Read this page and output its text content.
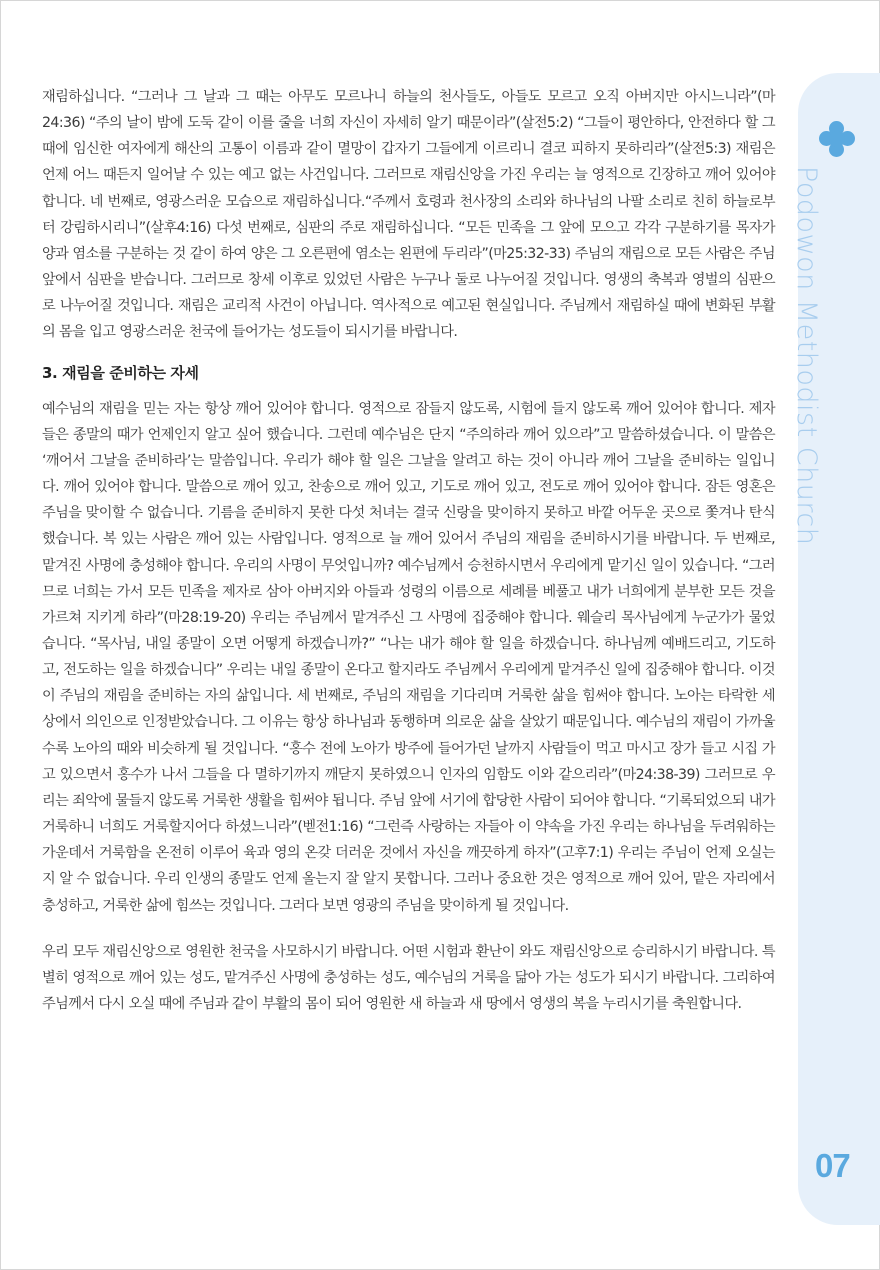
Podowon Methodist Church
07

재림하십니다. “그러나 그 날과 그 때는 아무도 모르나니 하늘의 천사들도, 아들도 모르고 오직 아버지만 아시느니라”(마24:36) “주의 날이 밤에 도둑 같이 이를 줄을 너희 자신이 자세히 알기 때문이라”(살전5:2) “그들이 평안하다, 안전하다 할 그 때에 임신한 여자에게 해산의 고통이 이름과 같이 멸망이 갑자기 그들에게 이르리니 결코 피하지 못하리라”(살전5:3) 재림은 언제 어느 때든지 일어날 수 있는 예고 없는 사건입니다. 그러므로 재림신앙을 가진 우리는 늘 영적으로 긴장하고 깨어 있어야 합니다. 네 번째로, 영광스러운 모습으로 재림하십니다.“주께서 호령과 천사장의 소리와 하나님의 나팔 소리로 친히 하늘로부터 강림하시리니”(살후4:16) 다섯 번째로, 심판의 주로 재림하십니다. “모든 민족을 그 앞에 모으고 각각 구분하기를 목자가 양과 염소를 구분하는 것 같이 하여 양은 그 오른편에 염소는 왼편에 두리라”(마25:32-33) 주님의 재림으로 모든 사람은 주님 앞에서 심판을 받습니다. 그러므로 창세 이후로 있었던 사람은 누구나 둘로 나누어질 것입니다. 영생의 축복과 영벌의 심판으로 나누어질 것입니다. 재림은 교리적 사건이 아닙니다. 역사적으로 예고된 현실입니다. 주님께서 재림하실 때에 변화된 부활의 몸을 입고 영광스러운 천국에 들어가는 성도들이 되시기를 바랍니다.

3. 재림을 준비하는 자세

예수님의 재림을 믿는 자는 항상 깨어 있어야 합니다. 영적으로 잠들지 않도록, 시험에 들지 않도록 깨어 있어야 합니다. 제자들은 종말의 때가 언제인지 알고 싶어 했습니다. 그런데 예수님은 단지 “주의하라 깨어 있으라”고 말씀하셨습니다. 이 말씀은 ‘깨어서 그날을 준비하라’는 말씀입니다. 우리가 해야 할 일은 그날을 알려고 하는 것이 아니라 깨어 그날을 준비하는 일입니다. 깨어 있어야 합니다. 말씀으로 깨어 있고, 찬송으로 깨어 있고, 기도로 깨어 있고, 전도로 깨어 있어야 합니다. 잠든 영혼은 주님을 맞이할 수 없습니다. 기름을 준비하지 못한 다섯 처녀는 결국 신랑을 맞이하지 못하고 바깥 어두운 곳으로 쫓겨나 탄식했습니다. 복 있는 사람은 깨어 있는 사람입니다. 영적으로 늘 깨어 있어서 주님의 재림을 준비하시기를 바랍니다. 두 번째로, 맡겨진 사명에 충성해야 합니다. 우리의 사명이 무엇입니까? 예수님께서 승천하시면서 우리에게 맡기신 일이 있습니다. “그러므로 너희는 가서 모든 민족을 제자로 삼아 아버지와 아들과 성령의 이름으로 세례를 베풀고 내가 너희에게 분부한 모든 것을 가르쳐 지키게 하라”(마28:19-20) 우리는 주님께서 맡겨주신 그 사명에 집중해야 합니다. 웨슬리 목사님에게 누군가가 물었습니다. “목사님, 내일 종말이 오면 어떻게 하겠습니까?” “나는 내가 해야 할 일을 하겠습니다. 하나님께 예배드리고, 기도하고, 전도하는 일을 하겠습니다” 우리는 내일 종말이 온다고 할지라도 주님께서 우리에게 맡겨주신 일에 집중해야 합니다. 이것이 주님의 재림을 준비하는 자의 삶입니다. 세 번째로, 주님의 재림을 기다리며 거룩한 삶을 힘써야 합니다. 노아는 타락한 세상에서 의인으로 인정받았습니다. 그 이유는 항상 하나님과 동행하며 의로운 삶을 살았기 때문입니다. 예수님의 재림이 가까울수록 노아의 때와 비슷하게 될 것입니다. “홍수 전에 노아가 방주에 들어가던 날까지 사람들이 먹고 마시고 장가 들고 시집 가고 있으면서 홍수가 나서 그들을 다 멸하기까지 깨닫지 못하였으니 인자의 임함도 이와 같으리라”(마24:38-39) 그러므로 우리는 죄악에 물들지 않도록 거룩한 생활을 힘써야 됩니다. 주님 앞에 서기에 합당한 사람이 되어야 합니다. “기록되었으되 내가 거룩하니 너희도 거룩할지어다 하셨느니라”(벧전1:16) “그런즉 사랑하는 자들아 이 약속을 가진 우리는 하나님을 두려워하는 가운데서 거룩함을 온전히 이루어 육과 영의 온갖 더러운 것에서 자신을 깨끗하게 하자”(고후7:1) 우리는 주님이 언제 오실는지 알 수 없습니다. 우리 인생의 종말도 언제 올는지 잘 알지 못합니다. 그러나 중요한 것은 영적으로 깨어 있어, 맡은 자리에서 충성하고, 거룩한 삶에 힘쓰는 것입니다. 그러다 보면 영광의 주님을 맞이하게 될 것입니다.

우리 모두 재림신앙으로 영원한 천국을 사모하시기 바랍니다. 어떤 시험과 환난이 와도 재림신앙으로 승리하시기 바랍니다. 특별히 영적으로 깨어 있는 성도, 맡겨주신 사명에 충성하는 성도, 예수님의 거룩을 닮아 가는 성도가 되시기 바랍니다. 그리하여 주님께서 다시 오실 때에 주님과 같이 부활의 몸이 되어 영원한 새 하늘과 새 땅에서 영생의 복을 누리시기를 축원합니다.
